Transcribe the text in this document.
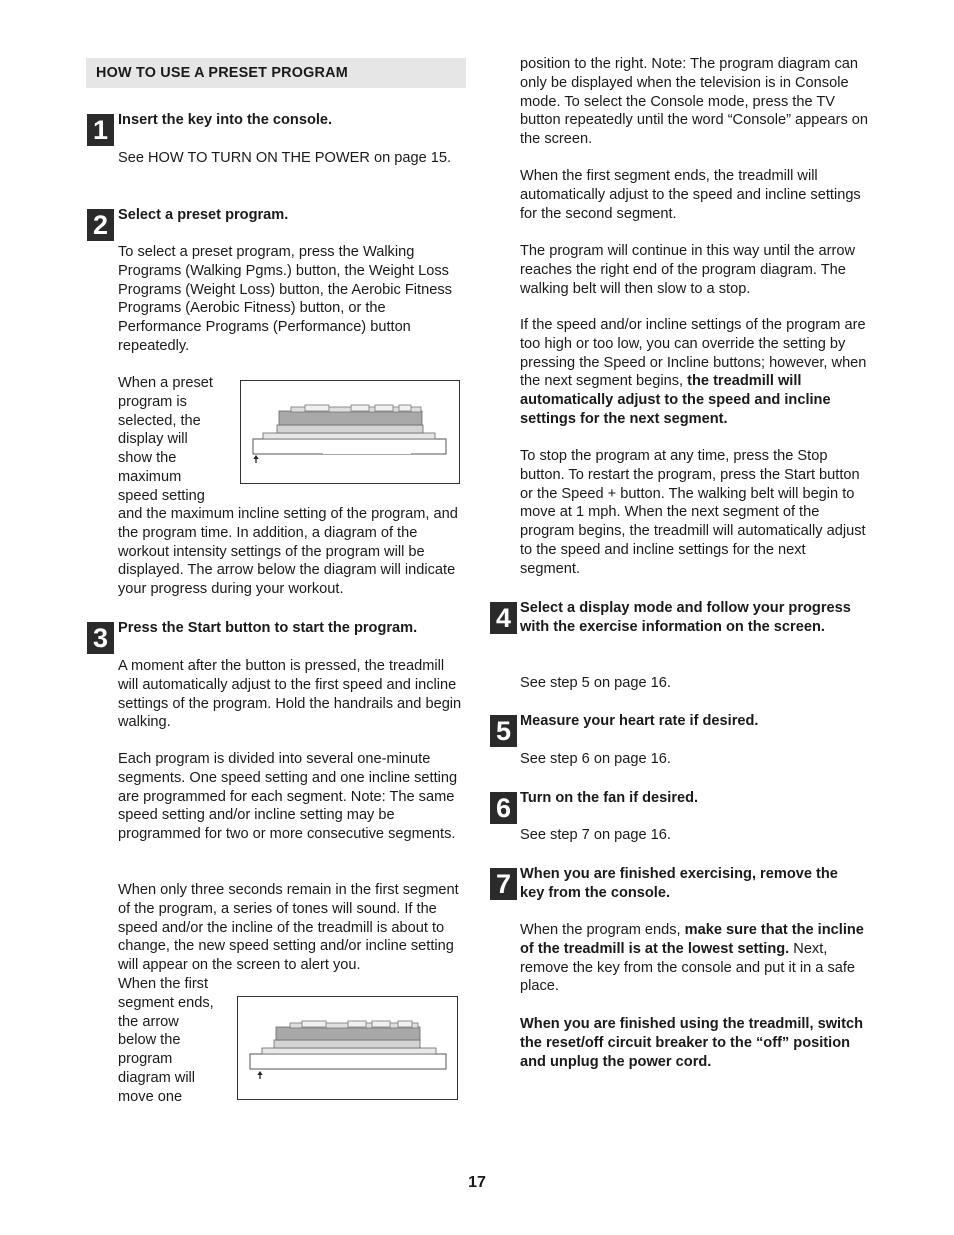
HOW TO USE A PRESET PROGRAM
1 Insert the key into the console.

See HOW TO TURN ON THE POWER on page 15.

2 Select a preset program.

To select a preset program, press the Walking Programs (Walking Pgms.) button, the Weight Loss Programs (Weight Loss) button, the Aerobic Fitness Programs (Aerobic Fitness) button, or the Performance Programs (Performance) button repeatedly.

When a preset program is selected, the display will show the maximum speed setting

and the maximum incline setting of the program, and the program time. In addition, a diagram of the workout intensity settings of the program will be displayed. The arrow below the diagram will indicate your progress during your workout.

3 Press the Start button to start the program.

A moment after the button is pressed, the treadmill will automatically adjust to the first speed and incline settings of the program. Hold the handrails and begin walking.

Each program is divided into several one-minute segments. One speed setting and one incline setting are programmed for each segment. Note: The same speed setting and/or incline setting may be programmed for two or more consecutive segments.

When only three seconds remain in the first segment of the program, a series of tones will sound. If the speed and/or the incline of the treadmill is about to change, the new speed setting and/or incline setting will appear on the screen to alert you.

When the first segment ends, the arrow below the program diagram will move one

position to the right. Note: The program diagram can only be displayed when the television is in Console mode. To select the Console mode, press the TV button repeatedly until the word “Console” appears on the screen.

When the first segment ends, the treadmill will automatically adjust to the speed and incline settings for the second segment.

The program will continue in this way until the arrow reaches the right end of the program diagram. The walking belt will then slow to a stop.

If the speed and/or incline settings of the program are too high or too low, you can override the setting by pressing the Speed or Incline buttons; however, when the next segment begins, the treadmill will automatically adjust to the speed and incline settings for the next segment.

To stop the program at any time, press the Stop button. To restart the program, press the Start button or the Speed + button. The walking belt will begin to move at 1 mph. When the next segment of the program begins, the treadmill will automatically adjust to the speed and incline settings for the next segment.

4 Select a display mode and follow your progress with the exercise information on the screen.

See step 5 on page 16.

5 Measure your heart rate if desired.

See step 6 on page 16.

6 Turn on the fan if desired.

See step 7 on page 16.

7 When you are finished exercising, remove the key from the console.

When the program ends, make sure that the incline of the treadmill is at the lowest setting. Next, remove the key from the console and put it in a safe place.

When you are finished using the treadmill, switch the reset/off circuit breaker to the “off” position and unplug the power cord.

17
